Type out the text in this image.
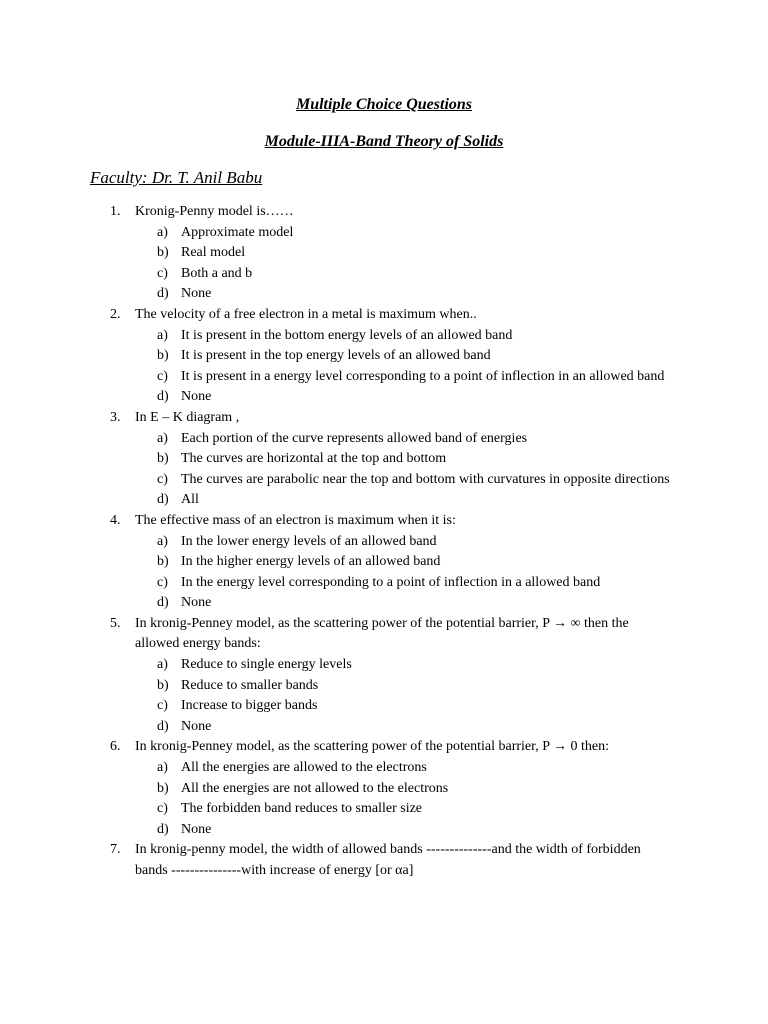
Multiple Choice Questions
Module-IIIA-Band Theory of Solids
Faculty: Dr. T. Anil Babu
1.	Kronig-Penny model is……
a) Approximate model
b) Real model
c) Both a and b
d) None
2.	The velocity of a free electron in a metal is maximum when..
a) It is present in the bottom energy levels of an allowed band
b) It is present in the top energy levels of an allowed band
c) It is present in a energy level corresponding to a point of inflection in an allowed band
d) None
3.	In E – K diagram ,
a) Each portion of the curve represents allowed band of energies
b) The curves are horizontal at the top and bottom
c) The curves are parabolic near the top and bottom with curvatures in opposite directions
d) All
4.	The effective mass of an electron is maximum when it is:
a) In the lower energy levels of an allowed band
b) In the higher energy levels of an allowed band
c) In the energy level corresponding to a point of inflection in a allowed band
d) None
5.	In kronig-Penney model, as the scattering power of the potential barrier, P → ∞ then the allowed energy bands:
a) Reduce to single energy levels
b) Reduce to smaller bands
c) Increase to bigger bands
d) None
6.	In kronig-Penney model, as the scattering power of the potential barrier, P → 0 then:
a) All the energies are allowed to the electrons
b) All the energies are not allowed to the electrons
c) The forbidden band reduces to smaller size
d) None
7.	In kronig-penny model, the width of allowed bands --------------and the width of forbidden bands ---------------with increase of energy [or αa]
